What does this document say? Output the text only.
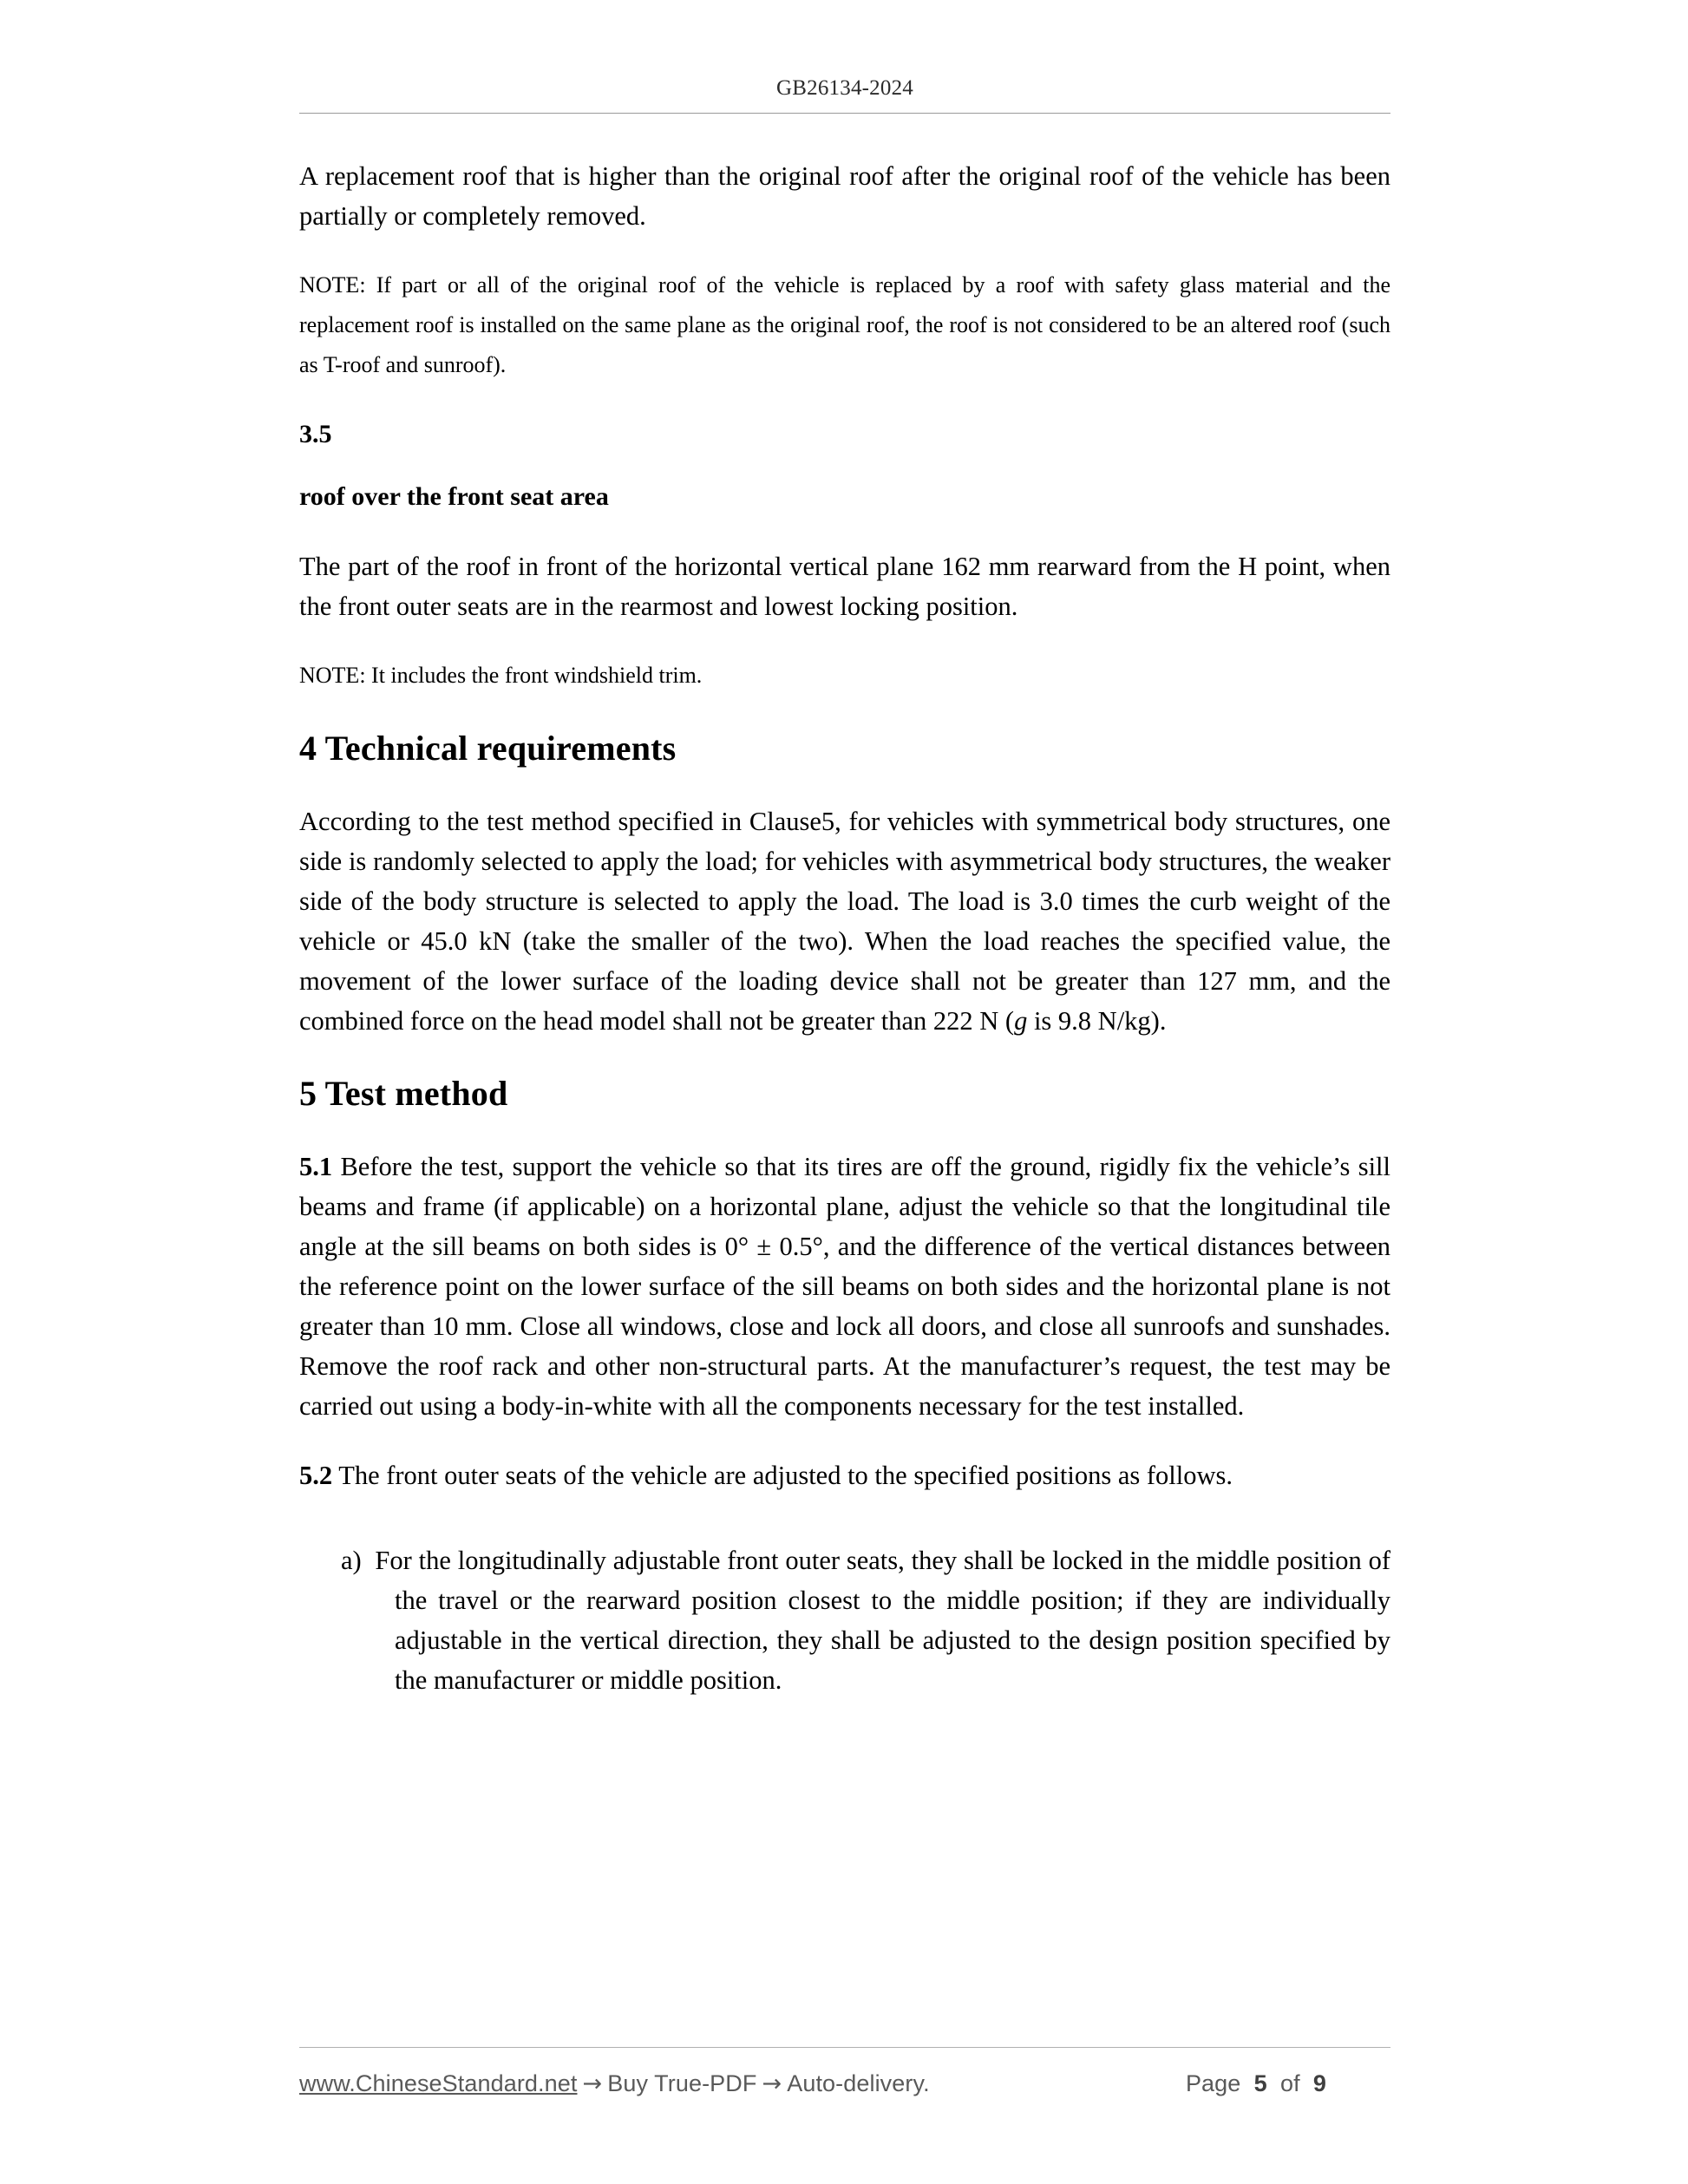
GB26134-2024

A replacement roof that is higher than the original roof after the original roof of the vehicle has been partially or completely removed.

NOTE: If part or all of the original roof of the vehicle is replaced by a roof with safety glass material and the replacement roof is installed on the same plane as the original roof, the roof is not considered to be an altered roof (such as T-roof and sunroof).

3.5

roof over the front seat area

The part of the roof in front of the horizontal vertical plane 162 mm rearward from the H point, when the front outer seats are in the rearmost and lowest locking position.

NOTE: It includes the front windshield trim.

4 Technical requirements

According to the test method specified in Clause5, for vehicles with symmetrical body structures, one side is randomly selected to apply the load; for vehicles with asymmetrical body structures, the weaker side of the body structure is selected to apply the load. The load is 3.0 times the curb weight of the vehicle or 45.0 kN (take the smaller of the two). When the load reaches the specified value, the movement of the lower surface of the loading device shall not be greater than 127 mm, and the combined force on the head model shall not be greater than 222 N (g is 9.8 N/kg).

5 Test method

5.1 Before the test, support the vehicle so that its tires are off the ground, rigidly fix the vehicle’s sill beams and frame (if applicable) on a horizontal plane, adjust the vehicle so that the longitudinal tile angle at the sill beams on both sides is 0° ± 0.5°, and the difference of the vertical distances between the reference point on the lower surface of the sill beams on both sides and the horizontal plane is not greater than 10 mm. Close all windows, close and lock all doors, and close all sunroofs and sunshades. Remove the roof rack and other non-structural parts. At the manufacturer’s request, the test may be carried out using a body-in-white with all the components necessary for the test installed.

5.2 The front outer seats of the vehicle are adjusted to the specified positions as follows.

a) For the longitudinally adjustable front outer seats, they shall be locked in the middle position of the travel or the rearward position closest to the middle position; if they are individually adjustable in the vertical direction, they shall be adjusted to the design position specified by the manufacturer or middle position.

www.ChineseStandard.net → Buy True-PDF → Auto-delivery.	Page 5 of 9
